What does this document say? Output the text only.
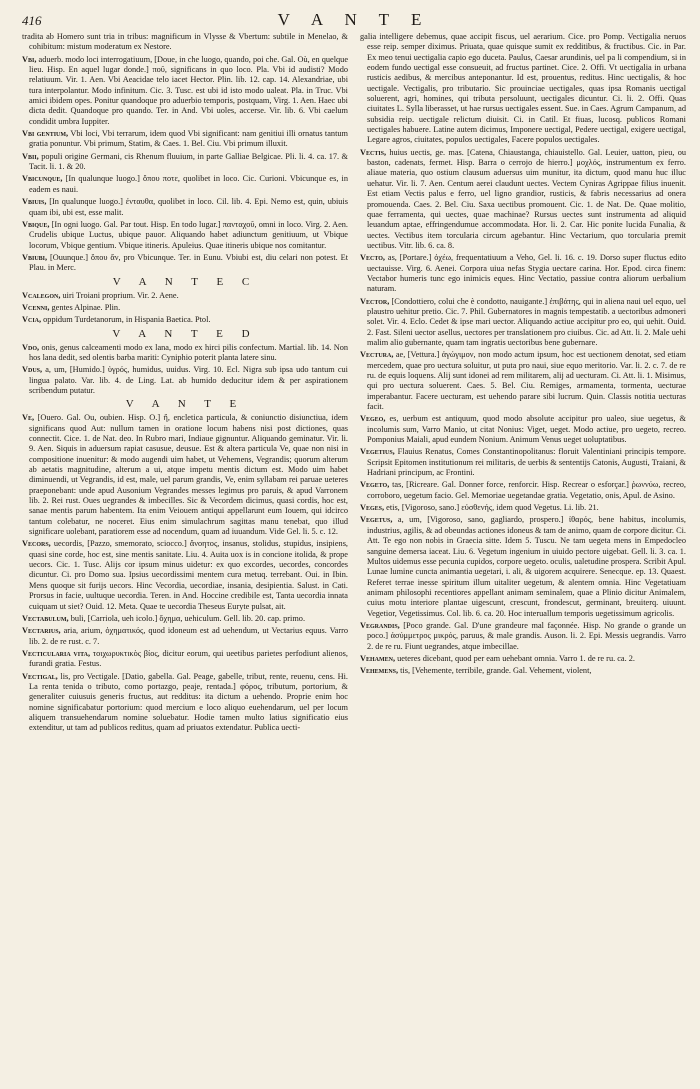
416	V A N T E

tradita ab Homero sunt tria in tribus: magnificum in Vlysse & Vbertum: subtile in Menelao, & cohibitum: mistum moderatum ex Nestore.

Vbi, aduerb. modo loci interrogatiuum, [Doue, in che luogo, quando, poi che. Gal. Où, en quelque lieu. Hisp. En aquel lugar donde.] ποῦ, significans in quo loco. Pla. Vbi id audisti? Modo relatiuum. Vir. 1. Aen. Vbi Aeacidae telo iacet Hector. Plin. lib. 12. cap. 14. Alexandriae, ubi tura interpolantur. Modo infinitum. Cic. 3. Tusc. est ubi id isto modo ualeat. Pla. in Truc. Vbi amici ibidem opes. Ponitur quandoque pro aduerbio temporis, postquam, Virg. 1. Aen. Haec ubi dicta dedit. Quandoque pro quando. Ter. in And. Vbi uoles, accerse. Vir. lib. 6. Vbi caelum condidit umbra Iuppiter.

Vbi gentium, Vbi loci, Vbi terrarum, idem quod Vbi significant: nam genitiui illi ornatus tantum gratia ponuntur. Vbi primum, Statim, & Caes. 1. Bel. Ciu. Vbi primum illuxit.

Vbii, populi origine Germani, cis Rhenum fluuium, in parte Galliae Belgicae. Pli. li. 4. ca. 17. & Tacit. li. 1. & 20.

Vbicunque, [In qualunque luogo.] ὅπου ποτε, quolibet in loco. Cic. Curioni. Vbicunque es, in eadem es naui.

Vbiuis, [In qualunque luogo.] ἐνταυθα, quolibet in loco. Cil. lib. 4. Epi. Nemo est, quin, ubiuis quam ibi, ubi est, esse malit.

Vbique, [In ogni luogo. Gal. Par tout. Hisp. En todo lugar.] πανταχοῦ, omni in loco. Virg. 2. Aen. Crudelis ubique Luctus, ubique pauor. Aliquando habet adiunctum genitiuum, ut Vbique locorum, Vbique gentium. Vbique itineris. Apuleius. Quae itineris ubique nos comitantur.

Vbiubi, [Ouunque.] ὅπου ἄν, pro Vbicunque. Ter. in Eunu. Vbiubi est, diu celari non potest. Et Plau. in Merc.

V A N T E C

Vcalegon, uiri Troiani proprium. Vir. 2. Aene.

Vcenni, gentes Alpinae. Plin.

Vcia, oppidum Turdetanorum, in Hispania Baetica. Ptol.

V A N T E D

Vdo, onis, genus calceamenti modo ex lana, modo ex hirci pilis confectum. Martial. lib. 14. Non hos lana dedit, sed olentis barba mariti: Cyniphio poterit planta latere sinu.

Vdus, a, um, [Humido.] ὑγρός, humidus, uuidus. Virg. 10. Ecl. Nigra sub ipsa udo tantum cui lingua palato. Var. lib. 4. de Ling. Lat. ab humido deducitur idem & per aspirationem scribendum putatur.

V A N T E

Ve, [Ouero. Gal. Ou, oubien. Hisp. O.] ἤ, encletica particula, & coniunctio disiunctiua, idem significans quod Aut: nullum tamen in oratione locum habens nisi post dictiones, quas connectit. Cice. 1. de Nat. deo. In Rubro mari, Indiaue gignuntur. Aliquando geminatur. Vir. li. 9. Aen. Siquis in aduersum rapiat casusue, deusue. Est & altera particula Ve, quae non nisi in compositione inuenitur: & modo augendi uim habet, ut Vehemens, Vegrandis; quorum alterum ab aetatis magnitudine, alterum a ui, atque impetu mentis dictum est. Modo uim habet diminuendi, ut Vegrandis, id est, male, uel parum grandis, Ve, enim syllabam rei paruae ueteres praeponebant: unde apud Ausonium Vegrandes messes legimus pro paruis, & apud Varronem lib. 2. Rei rust. Oues uegrandes & imbecilles. Sic & Vecordem dicimus, quasi cordis, hoc est, sanae mentis parum habentem. Ita enim Veiouem antiqui appellarunt eum Iouem, qui idcirco tantum colebatur, ne noceret. Eius enim simulachrum sagittas manu tenebat, quo illud significare uolebant, paratiorem esse ad nocendum, quam ad iuuandum. Vide Gel. li. 5. c. 12.

Vecors, uecordis, [Pazzo, smemorato, sciocco.] ἄνοητος, insanus, stolidus, stupidus, insipiens, quasi sine corde, hoc est, sine mentis sanitate. Liu. 4. Auita uox is in concione itolida, & prope uecors. Cic. 1. Tusc. Alijs cor ipsum minus uidetur: ex quo excordes, uecordes, concordes dicuntur. Ci. pro Domo sua. Ipsius uecordissimi mentem cura metuq. terrebant. Oui. in Ibin. Mens quoque sit furijs uecors. Hinc Vecordia, uecordiae, insania, desipientia. Salust. in Cati. Prorsus in facie, uultuque uecordia. Teren. in And. Hoccine credibile est, Tanta uecordia innata cuiquam ut siet? Ouid. 12. Meta. Quae te uecordia Theseus Euryte pulsat, ait.

Vectabulum, buli, [Carriola, ueh icolo.] ὄχημα, uehiculum. Gell. lib. 20. cap. primo.

Vectarius, aria, arium, ὀχηματικός, quod idoneum est ad uehendum, ut Vectarius equus. Varro lib. 2. de re rust. c. 7.

Vecticularia vita, τοιχωρυκτικὸς βίος, dicitur eorum, qui ueetibus parietes perfodiunt alienos, furandi gratia. Festus.

Vectigal, lis, pro Vectigale. [Datio, gabella. Gal. Peage, gabelle, tribut, rente, reuenu, cens. Hi. La renta tenida o tributo, como portazgo, peaje, rentada.] φόρος, tributum, portorium, & generaliter cuiusuis generis fructus, aut redditus: ita dictum a uehendo. Proprie enim hoc nomine significabatur portorium: quod mercium e loco aliquo euehendarum, uel per locum aliquem transuehendarum nomine soluebatur. Hodie tamen multo latius significatio eius extenditur, ut tam ad publicos reditus, quam ad priuatos extendatur. Publica uecti-

galia intelligere debemus, quae accipit fiscus, uel aerarium. Cice. pro Pomp. Vectigalia neruos esse reip. semper diximus. Priuata, quae quisque sumit ex redditibus, & fructibus. Cic. in Par. Ex meo tenui uectigalia capio ego duceta. Paulus, Caesar arundinis, uel pa li compendium, si in eodem fundo uectigal esse consueuit, ad fructus partinet. Cice. 2. Offi. Vt uectigalia in urbana rusticis aedibus, & mercibus anteponantur. Id est, prouentus, reditus. Hinc uectigalis, & hoc uectigale. Vectigalis, pro tributario. Sic prouinciae uectigales, quas ipsa Romanis uectigal soluerent, agri, homines, qui tributa persoluunt, uectigales dicuntur. Ci. li. 2. Offi. Quas ciuitates L. Sylla liberasset, ut hae rursus uectigales essent. Sue. in Caes. Agrum Campanum, ad subsidia reip. uectigale relictum diuisit. Ci. in Catil. Et fiuas, lucosq. publicos Romani uectigales habuere. Latine autem dicimus, Imponere uectigal, Pedere uectigal, exigere uectigal, Legare agros, ciuitates, populos uectigales, Facere populos uectigales.

Vectis, huius uectis, ge. mas. [Catena, Chiaustanga, chiauistello. Gal. Leuier, uatton, pieu, ou baston, cadenats, fermet. Hisp. Barra o cerrojo de hierro.] μοχλός, instrumentum ex ferro. aliaue materia, quo ostium clausum aduersus uim munitur, ita dictum, quod manu huc illuc uehatur. Vir. li. 7. Aen. Centum aerei claudunt uectes. Vectem Cyniras Agrippae filius inuenit. Est etiam Vectis palus e ferro, uel ligno grandior, rusticis, & fabris necessarius ad onera promouenda. Caes. 2. Bel. Ciu. Saxa uectibus promouent. Cic. 1. de Nat. De. Quae molitio, quae ferramenta, qui uectes, quae machinae? Rursus uectes sunt instrumenta ad aliquid leuandum aptae, effringendumue accommodata. Hor. li. 2. Car. Hic ponite lucida Funalia, & uectes. Vectibus item torcularia circum agebantur. Hinc Vectarium, quo torcularia premit uectibus. Vitr. lib. 6. ca. 8.

Vecto, as, [Portare.] ὀχέω, frequentatiuum a Veho, Gel. li. 16. c. 19. Dorso super fluctus edito uectauisse. Virg. 6. Aenei. Corpora uiua nefas Stygia uectare carina. Hor. Epod. circa finem: Vectabor humeris tunc ego inimicis eques. Hinc Vectatio, passiue contra aliorum uerbalium naturam.

Vector, [Condottiero, colui che è condotto, nauigante.] ἐπιβάτης, qui in aliena naui uel equo, uel plaustro uehitur pretio. Cic. 7. Phil. Gubernatores in magnis tempestatib. a uectoribus admoneri solet. Vir. 4. Eclo. Cedet & ipse mari uector. Aliquando actiue accipitur pro eo, qui uehit. Ouid. 2. Fast. Sileni uector asellus, uectores per translationem pro ciuibus. Cic. ad Att. li. 2. Male uehi malim alio gubernante, quam tam ingratis uectoribus bene gubernare.

Vectura, ae, [Vettura.] ἀγώγιμον, non modo actum ipsum, hoc est uectionem denotat, sed etiam mercedem, quae pro uectura soluitur, ut puta pro naui, siue equo meritorio. Var. li. 2. c. 7. de re ru. de equis loquens. Alij sunt idonei ad rem militarem, alij ad uecturam. Ci. Att. li. 1. Misimus, qui pro uectura soluerent. Caes. 5. Bel. Ciu. Remiges, armamenta, tormenta, uecturae imperabantur. Facere uecturam, est uehendo parare sibi lucrum. Quin. Classis notitia uecturas facit.

Vegeo, es, uerbum est antiquum, quod modo absolute accipitur pro ualeo, siue uegetus, & incolumis sum, Varro Manio, ut citat Nonius: Viget, ueget. Modo actiue, pro uegeto, recreo. Pomponius Maiali, apud eundem Nonium. Animum Venus ueget uoluptatibus.

Vegetius, Flauius Renatus, Comes Constantinopolitanus: floruit Valentiniani principis tempore. Scripsit Epitomen institutionum rei militaris, de uerbis & sententijs Catonis, Augusti, Traiani, & Hadriani principum, ac Frontini.

Vegeto, tas, [Ricreare. Gal. Donner force, renforcir. Hisp. Recrear o esforçar.] ῥωννύω, recreo, corroboro, uegetum facio. Gel. Memoriae uegetandae gratia. Vegetatio, onis, Apul. de Asino.

Veges, etis, [Vigoroso, sano.] εὐσθενής, idem quod Vegetus. Li. lib. 21.

Vegetus, a, um, [Vigoroso, sano, gagliardo, prospero.] ἰθαρός, bene habitus, incolumis, industrius, agilis, & ad obeundas actiones idoneus & tam de animo, quam de corpore dicitur. Ci. Att. Te ego non nobis in Graecia sitte. Idem 5. Tuscu. Ne tam uegeta mens in Empedocleo sanguine demersa iaceat. Liu. 6. Vegetum ingenium in uiuido pectore uigebat. Gell. li. 3. ca. 1. Multos uidemus esse pecunia cupidos, corpore uegeto. oculis, ualetudine prospera. Scribit Apul. Lunae lumine cuncta animantia uegetari, i. ali, & uigorem acquirere. Senecque. ep. 13. Quaest. Referet terrae inesse spiritum illum uitaliter uegetum, & alentem omnia. Hinc Vegetatiuam animam philosophi recentiores appellant animam seminalem, quae a Plinio dicitur Animalem, cuius motu interiore plantae uigescunt, crescunt, frondescut, germinant, breuiterq. uiuunt. Vegetior, Vegetissimus. Col. lib. 6. ca. 20. Hoc interuallum temporis uegetissimum agricolis.

Vegrandis, [Poco grande. Gal. D'une grandeure mal façonnée. Hisp. No grande o grande un poco.] ἀσύμμετρος μικρός, paruus, & male grandis. Auson. li. 2. Epi. Messis uegrandis. Varro 2. de re ru. Fiunt uegrandes, atque imbecillae.

Vehamen, ueteres dicebant, quod per eam uehebant omnia. Varro 1. de re ru. ca. 2.

Vehemens, tis, [Vehemente, terribile, grande. Gal. Vehement, violent,
